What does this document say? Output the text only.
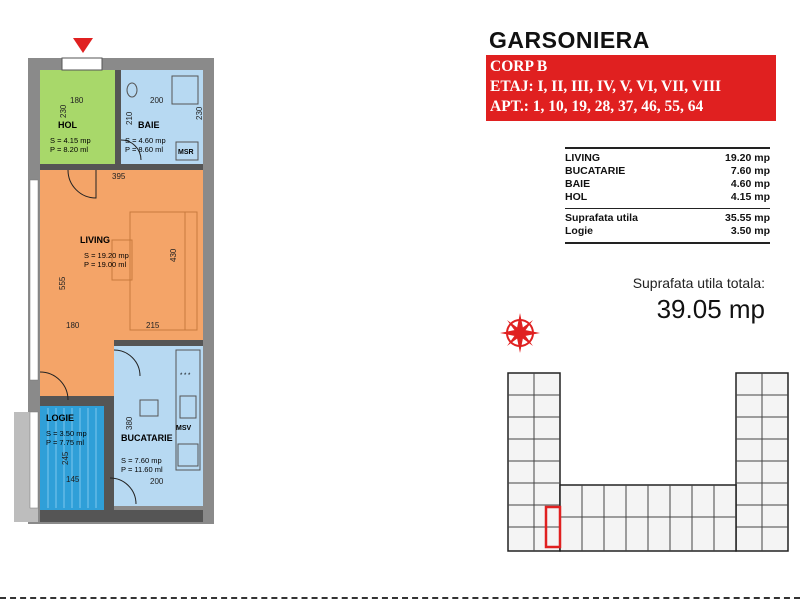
HOL
S = 4.15 mp
P = 8.20 ml
BAIE
S = 4.60 mp
P = 8.60 ml MSR
LIVING
S = 19.20 mp
P = 19.00 ml
LOGIE
S = 3.50 mp
P = 7.75 ml	BUCATARIE
S = 7.60 mp
P = 11.60 ml
MSV
* * *
180
230
200
210	230
395
555
430
180	215
380
200
245
145
GARSONIERA
CORP B
ETAJ: I, II, III, IV, V, VI, VII, VIII
APT.: 1, 10, 19, 28, 37, 46, 55, 64
LIVING	19.20 mp
BUCATARIE	7.60 mp
BAIE	4.60 mp
HOL	4.15 mp
Suprafata utila	35.55 mp
Logie	3.50 mp
Suprafata utila totala:
39.05 mp
